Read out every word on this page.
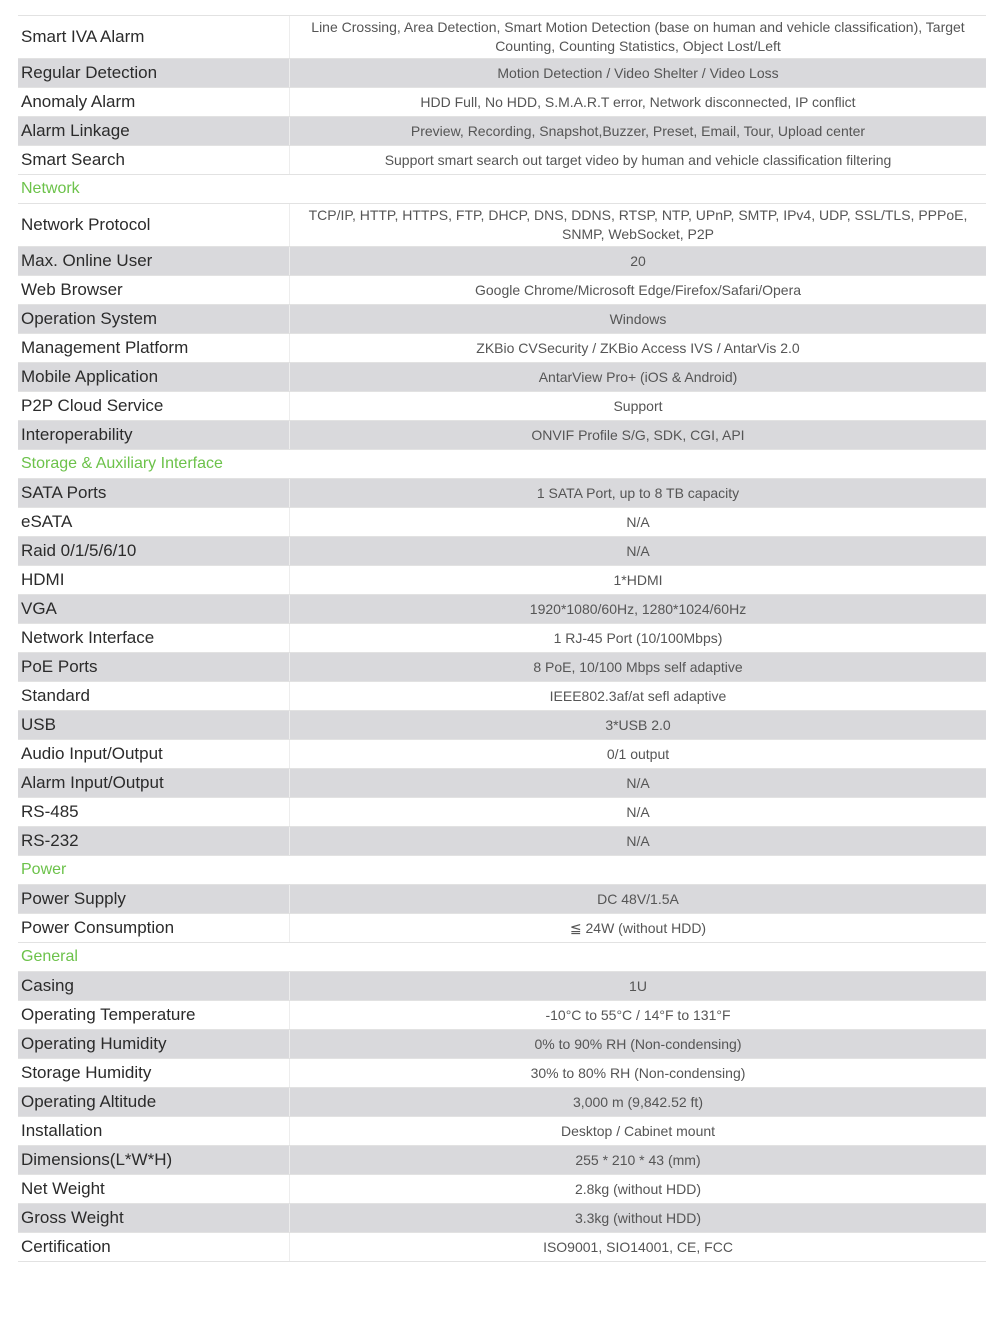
Smart IVA Alarm	Line Crossing, Area Detection, Smart Motion Detection (base on human and vehicle classification), Target Counting, Counting Statistics, Object Lost/Left
Regular Detection	Motion Detection / Video Shelter / Video Loss
Anomaly Alarm	HDD Full, No HDD, S.M.A.R.T error, Network disconnected, IP conflict
Alarm Linkage	Preview, Recording, Snapshot,Buzzer, Preset, Email, Tour, Upload center
Smart Search	Support smart search out target video by human and vehicle classification filtering
Network
Network Protocol	TCP/IP, HTTP, HTTPS, FTP, DHCP, DNS, DDNS, RTSP, NTP, UPnP, SMTP, IPv4, UDP, SSL/TLS, PPPoE, SNMP, WebSocket, P2P
Max. Online User	20
Web Browser	Google Chrome/Microsoft Edge/Firefox/Safari/Opera
Operation System	Windows
Management Platform	ZKBio CVSecurity / ZKBio Access IVS / AntarVis 2.0
Mobile Application	AntarView Pro+ (iOS & Android)
P2P Cloud Service	Support
Interoperability	ONVIF Profile S/G, SDK, CGI, API
Storage & Auxiliary Interface
SATA Ports	1 SATA Port, up to 8 TB capacity
eSATA	N/A
Raid 0/1/5/6/10	N/A
HDMI	1*HDMI
VGA	1920*1080/60Hz, 1280*1024/60Hz
Network Interface	1 RJ-45 Port (10/100Mbps)
PoE Ports	8 PoE, 10/100 Mbps self adaptive
Standard	IEEE802.3af/at sefl adaptive
USB	3*USB 2.0
Audio Input/Output	0/1 output
Alarm Input/Output	N/A
RS-485	N/A
RS-232	N/A
Power
Power Supply	DC 48V/1.5A
Power Consumption	≦ 24W (without HDD)
General
Casing	1U
Operating Temperature	-10°C to 55°C / 14°F to 131°F
Operating Humidity	0% to 90% RH (Non-condensing)
Storage Humidity	30% to 80% RH (Non-condensing)
Operating Altitude	3,000 m (9,842.52 ft)
Installation	Desktop / Cabinet mount
Dimensions(L*W*H)	255 * 210 * 43 (mm)
Net Weight	2.8kg (without HDD)
Gross Weight	3.3kg (without HDD)
Certification	ISO9001, SIO14001, CE, FCC
